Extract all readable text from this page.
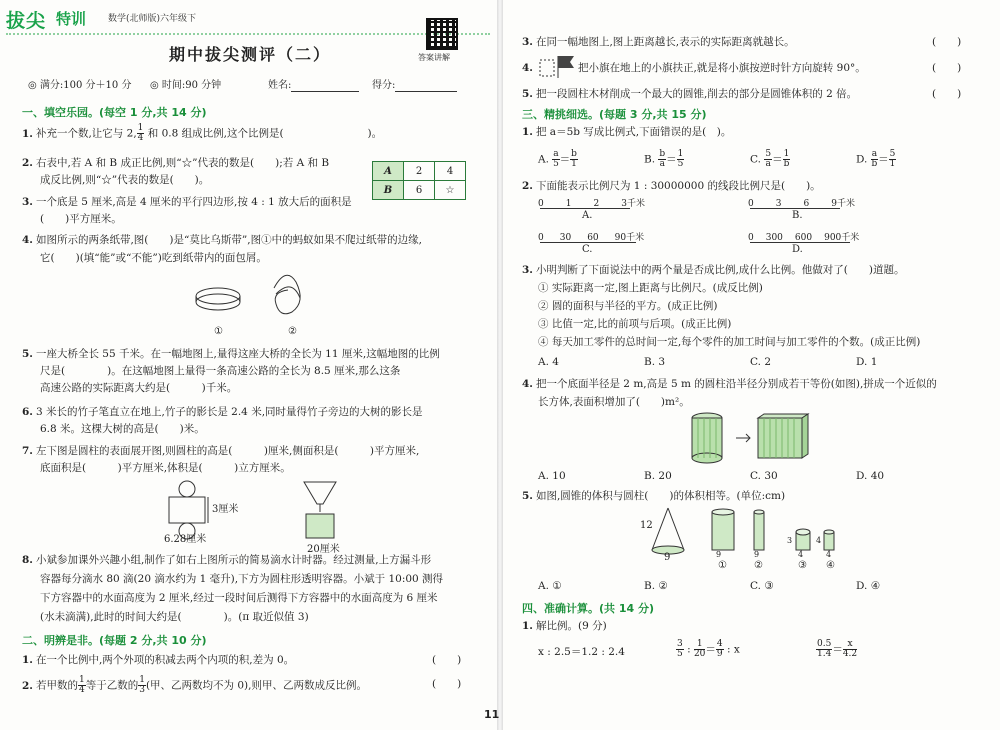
拔尖 特训 数学(北师版)六年级下
期中拔尖测评（二）	答案讲解
◎ 满分:100 分＋10 分 ◎ 时间:90 分钟	姓名:	得分:
一、填空乐园。(每空 1 分,共 14 分)
1. 补充一个数,让它与 2, $\frac{1}{4}$ 和 0.8 组成比例,这个比例是(　　　　　　　　)。
2. 右表中,若 A 和 B 成正比例,则“☆”代表的数是(　　);若 A 和 B
成反比例,则“☆”代表的数是(　　)。
A	2	4
B	6	☆
3. 一个底是 5 厘米,高是 4 厘米的平行四边形,按 4 : 1 放大后的面积是
(　　)平方厘米。
4. 如图所示的两条纸带,图(　　)是“莫比乌斯带”,图①中的蚂蚁如果不爬过纸带的边缘,
它(　　)(填“能”或“不能”)吃到纸带内的面包屑。
①	②
5. 一座大桥全长 55 千米。在一幅地图上,量得这座大桥的全长为 11 厘米,这幅地图的比例
尺是(　　　　)。在这幅地图上量得一条高速公路的全长为 8.5 厘米,那么这条
高速公路的实际距离大约是(　　　)千米。
6. 3 米长的竹子笔直立在地上,竹子的影长是 2.4 米,同时量得竹子旁边的大树的影长是
6.8 米。这棵大树的高是(　　)米。
7. 左下图是圆柱的表面展开图,则圆柱的高是(　　　)厘米,侧面积是(　　　)平方厘米,
底面积是(　　　)平方厘米,体积是(　　　)立方厘米。
3厘米
6.28厘米
20厘米
8. 小斌参加课外兴趣小组,制作了如右上图所示的简易滴水计时器。经过测量,上方漏斗形
容器每分滴水 80 滴(20 滴水约为 1 毫升),下方为圆柱形透明容器。小斌于 10:00 测得
下方容器中的水面高度为 2 厘米,经过一段时间后测得下方容器中的水面高度为 6 厘米
(水未滴满),此时的时间大约是(　　　　)。(π 取近似值 3)
二、明辨是非。(每题 2 分,共 10 分)
1. 在一个比例中,两个外项的积减去两个内项的积,差为 0。	(　　)
2. 若甲数的 $\frac{1}{4}$ 等于乙数的 $\frac{1}{3}$ (甲、乙两数均不为 0),则甲、乙两数成反比例。	(　　)
3. 在同一幅地图上,图上距离越长,表示的实际距离就越长。	(　　)
4.	把小旗在地上的小旗扶正,就是将小旗按逆时针方向旋转 90°。	(　　)
5. 把一段圆柱木材削成一个最大的圆锥,削去的部分是圆锥体积的 2 倍。	(　　)
三、精挑细选。(每题 3 分,共 15 分)
1. 把 a＝5b 写成比例式,下面错误的是(　)。
A. $\frac{a}{5} = \frac{b}{1}$	B. $\frac{b}{a} = \frac{1}{5}$	C. $\frac{5}{a} = \frac{1}{b}$	D. $\frac{a}{b} = \frac{5}{1}$
2. 下面能表示比例尺为 1 : 30000000 的线段比例尺是(　　)。
0 1 2 3千米
A.
0 3 6 9千米
B.
0 30 60 90千米
C.
0 300 600 900千米
D.
3. 小明判断了下面说法中的两个量是否成比例,成什么比例。他做对了(　　)道题。
① 实际距离一定,图上距离与比例尺。(成反比例)
② 圆的面积与半径的平方。(成正比例)
③ 比值一定,比的前项与后项。(成正比例)
④ 每天加工零件的总时间一定,每个零件的加工时间与加工零件的个数。(成正比例)
A. 4	B. 3	C. 2	D. 1
4. 把一个底面半径是 2 m,高是 5 m 的圆柱沿半径分别成若干等份(如图),拼成一个近似的
长方体,表面积增加了(　　)m²。
A. 10	B. 20	C. 30	D. 40
5. 如图,圆锥的体积与圆柱(　　)的体积相等。(单位:cm)
12
9
①	②	③ ④
9	9
3
4
4
4
A. ①	B. ②	C. ③	D. ④
四、准确计算。(共 14 分)
1. 解比例。(9 分)
x : 2.5＝1.2 : 2.4	$\frac{3}{5}$ : $\frac{1}{20} = \frac{4}{9}$ : x	$\frac{0.5}{1.4} = \frac{x}{4.2}$
11
